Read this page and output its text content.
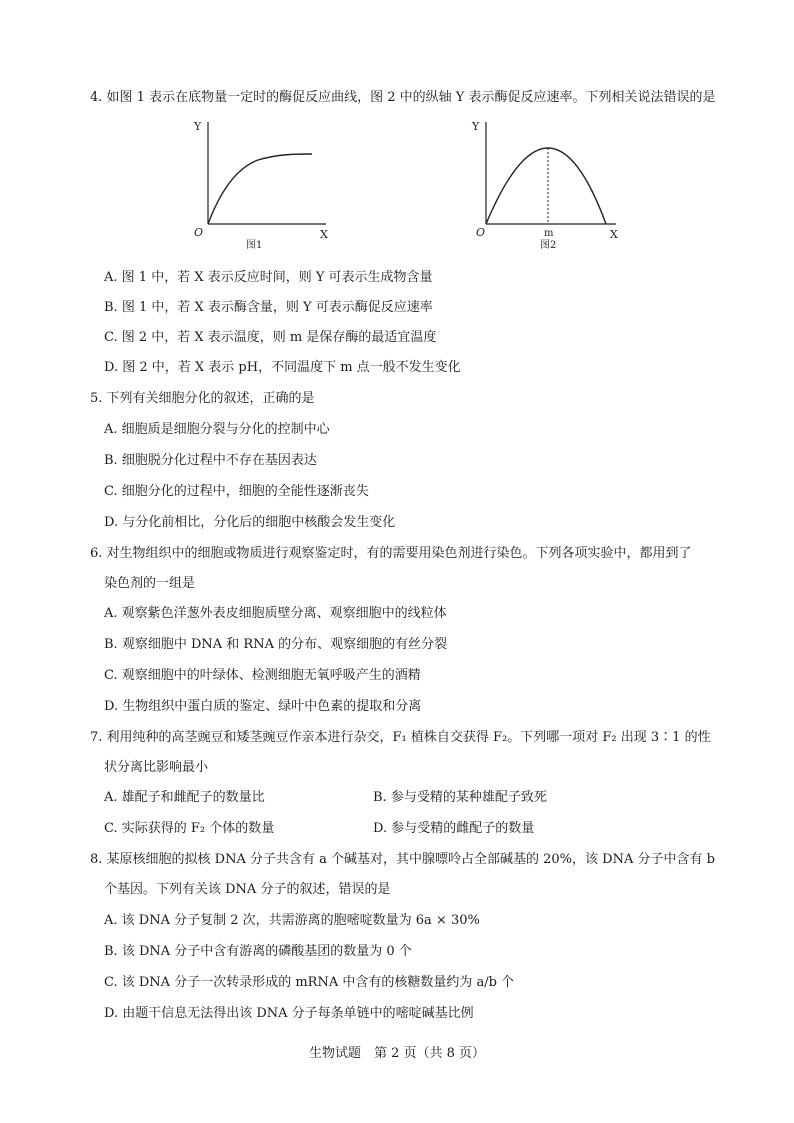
4. 如图 1 表示在底物量一定时的酶促反应曲线，图 2 中的纵轴 Y 表示酶促反应速率。下列相关说法错误的是
Y
O	X
图1
Y
O	m	X
图2
A. 图 1 中，若 X 表示反应时间，则 Y 可表示生成物含量
B. 图 1 中，若 X 表示酶含量，则 Y 可表示酶促反应速率
C. 图 2 中，若 X 表示温度，则 m 是保存酶的最适宜温度
D. 图 2 中，若 X 表示 pH，不同温度下 m 点一般不发生变化
5. 下列有关细胞分化的叙述，正确的是
A. 细胞质是细胞分裂与分化的控制中心
B. 细胞脱分化过程中不存在基因表达
C. 细胞分化的过程中，细胞的全能性逐渐丧失
D. 与分化前相比，分化后的细胞中核酸会发生变化
6. 对生物组织中的细胞或物质进行观察鉴定时，有的需要用染色剂进行染色。下列各项实验中，都用到了
染色剂的一组是
A. 观察紫色洋葱外表皮细胞质壁分离、观察细胞中的线粒体
B. 观察细胞中 DNA 和 RNA 的分布、观察细胞的有丝分裂
C. 观察细胞中的叶绿体、检测细胞无氧呼吸产生的酒精
D. 生物组织中蛋白质的鉴定、绿叶中色素的提取和分离
7. 利用纯种的高茎豌豆和矮茎豌豆作亲本进行杂交，F₁ 植株自交获得 F₂。下列哪一项对 F₂ 出现 3∶1 的性
状分离比影响最小
A. 雄配子和雌配子的数量比	B. 参与受精的某种雄配子致死
C. 实际获得的 F₂ 个体的数量	D. 参与受精的雌配子的数量
8. 某原核细胞的拟核 DNA 分子共含有 a 个碱基对，其中腺嘌呤占全部碱基的 20%，该 DNA 分子中含有 b
个基因。下列有关该 DNA 分子的叙述，错误的是
A. 该 DNA 分子复制 2 次，共需游离的胞嘧啶数量为 6a × 30%
B. 该 DNA 分子中含有游离的磷酸基团的数量为 0 个
C. 该 DNA 分子一次转录形成的 mRNA 中含有的核糖数量约为 a/b 个
D. 由题干信息无法得出该 DNA 分子每条单链中的嘧啶碱基比例
生物试题　第 2 页（共 8 页）
